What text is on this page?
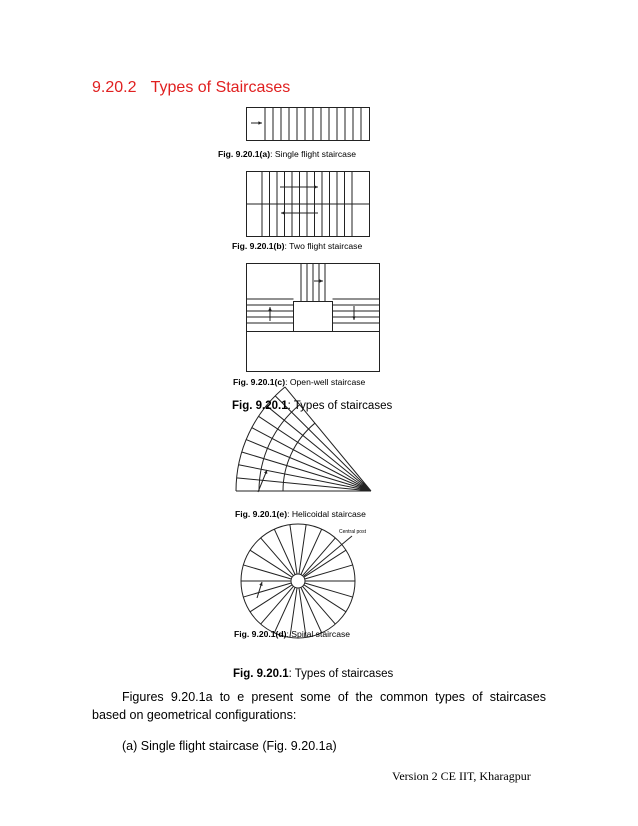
9.20.2 Types of Staircases
Fig. 9.20.1(a): Single flight staircase
Fig. 9.20.1(b): Two flight staircase
Fig. 9.20.1(c): Open-well staircase
Fig. 9.20.1: Types of staircases
Fig. 9.20.1(e): Helicoidal staircase
Central post
Fig. 9.20.1(d): Spiral staircase
Fig. 9.20.1: Types of staircases
Figures 9.20.1a to e present some of the common types of staircases
based on geometrical configurations:
(a) Single flight staircase (Fig. 9.20.1a)
Version 2 CE IIT, Kharagpur
